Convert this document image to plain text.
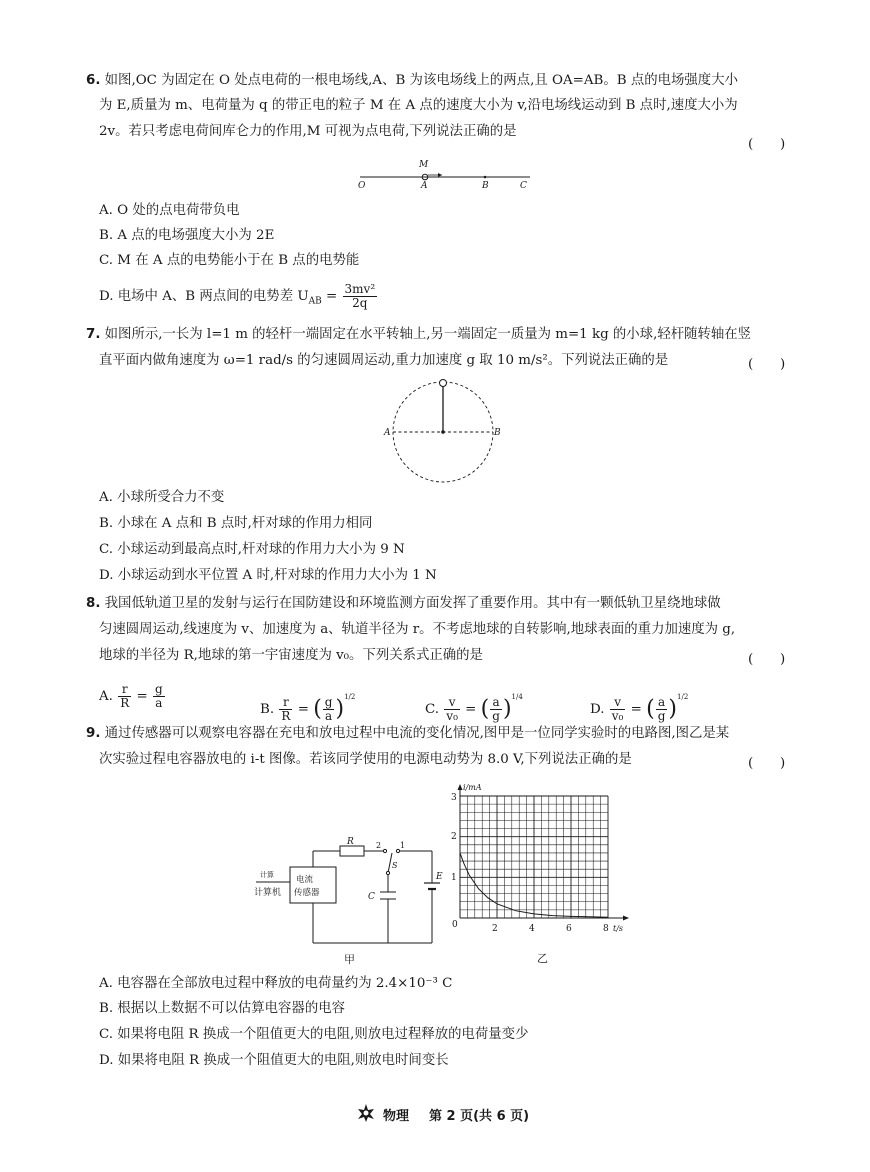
6. 如图,OC 为固定在 O 处点电荷的一根电场线,A、B 为该电场线上的两点,且 OA=AB。B 点的电场强度大小
为 E,质量为 m、电荷量为 q 的带正电的粒子 M 在 A 点的速度大小为 v,沿电场线运动到 B 点时,速度大小为
2v。若只考虑电荷间库仑力的作用,M 可视为点电荷,下列说法正确的是
(　　)
M
O	A	B	C
A. O 处的点电荷带负电
B. A 点的电场强度大小为 2E
C. M 在 A 点的电势能小于在 B 点的电势能
D. 电场中 A、B 两点间的电势差 $U_{AB} = \frac{\text{3mv²}}{2q}$
7. 如图所示,一长为 l=1 m 的轻杆一端固定在水平转轴上,另一端固定一质量为 m=1 kg 的小球,轻杆随转轴在竖
直平面内做角速度为 ω=1 rad/s 的匀速圆周运动,重力加速度 g 取 10 m/s²。下列说法正确的是	(　　)
A	B
A. 小球所受合力不变
B. 小球在 A 点和 B 点时,杆对球的作用力相同
C. 小球运动到最高点时,杆对球的作用力大小为 9 N
D. 小球运动到水平位置 A 时,杆对球的作用力大小为 1 N
8. 我国低轨道卫星的发射与运行在国防建设和环境监测方面发挥了重要作用。其中有一颗低轨卫星绕地球做
匀速圆周运动,线速度为 v、加速度为 a、轨道半径为 r。不考虑地球的自转影响,地球表面的重力加速度为 g,
地球的半径为 R,地球的第一宇宙速度为 v₀。下列关系式正确的是	(　　)
A. $\frac{r}{R} = \frac{g}{a}$	B. $\frac{r}{R}$ = ( $\frac{g}{a} )^{1/2}$
C. $\frac{v}{\text{v₀}}$ = ( $\frac{a}{g} )^{1/4}$
D. $\frac{v}{\text{v₀}}$ = ( $\frac{a}{g} )^{1/2}$
9. 通过传感器可以观察电容器在充电和放电过程中电流的变化情况,图甲是一位同学实验时的电路图,图乙是某
次实验过程电容器放电的 i-t 图像。若该同学使用的电源电动势为 8.0 V,下列说法正确的是	(　　)
R	2 1
S
C
E
电流
传感器
计算
计算机
甲
3
2
1
0	2	4	6	8
i/mA
t/s
乙
A. 电容器在全部放电过程中释放的电荷量约为 2.4×10⁻³ C
B. 根据以上数据不可以估算电容器的电容
C. 如果将电阻 R 换成一个阻值更大的电阻,则放电过程释放的电荷量变少
D. 如果将电阻 R 换成一个阻值更大的电阻,则放电时间变长
物理 第 2 页(共 6 页)
